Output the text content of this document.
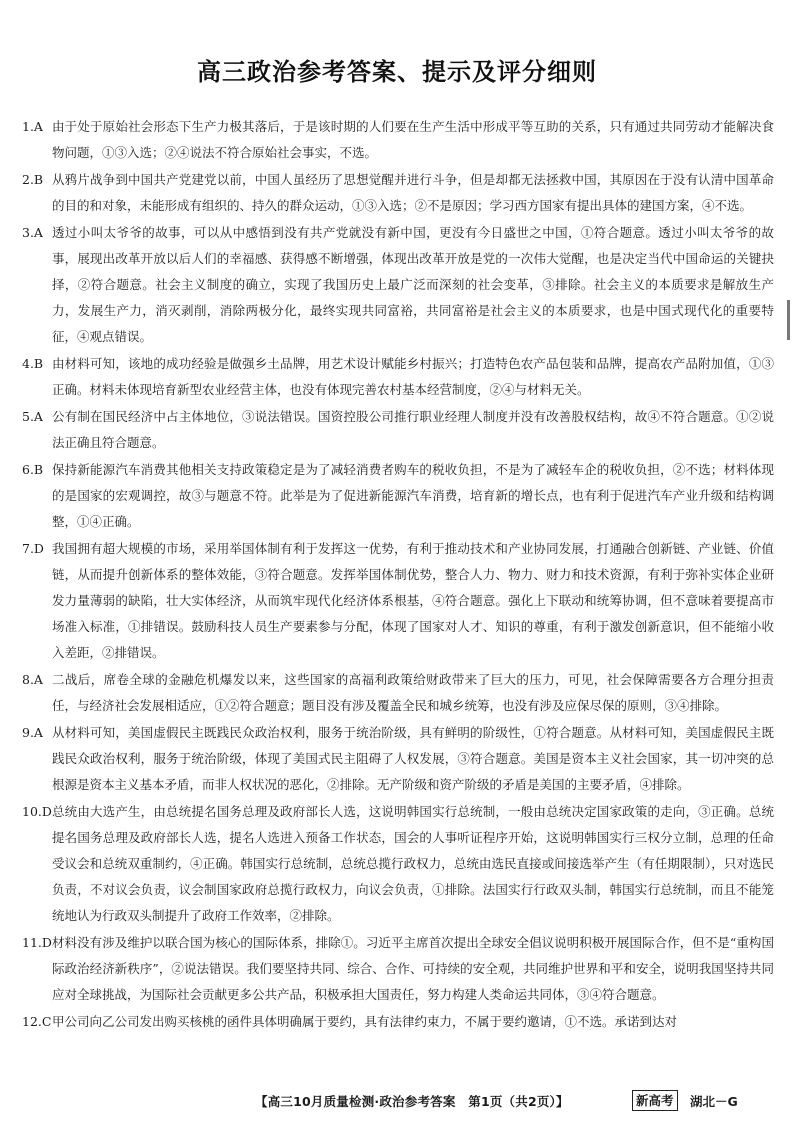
高三政治参考答案、提示及评分细则
1.A 由于处于原始社会形态下生产力极其落后，于是该时期的人们要在生产生活中形成平等互助的关系，只有通过共同劳动才能解决食物问题，①③入选；②④说法不符合原始社会事实，不选。
2.B 从鸦片战争到中国共产党建党以前，中国人虽经历了思想觉醒并进行斗争，但是却都无法拯救中国，其原因在于没有认清中国革命的目的和对象，未能形成有组织的、持久的群众运动，①③入选；②不是原因；学习西方国家有提出具体的建国方案，④不选。
3.A 透过小叫太爷爷的故事，可以从中感悟到没有共产党就没有新中国，更没有今日盛世之中国，①符合题意。透过小叫太爷爷的故事，展现出改革开放以后人们的幸福感、获得感不断增强，体现出改革开放是党的一次伟大觉醒，也是决定当代中国命运的关键抉择，②符合题意。社会主义制度的确立，实现了我国历史上最广泛而深刻的社会变革，③排除。社会主义的本质要求是解放生产力，发展生产力，消灭剥削，消除两极分化，最终实现共同富裕，共同富裕是社会主义的本质要求，也是中国式现代化的重要特征，④观点错误。
4.B 由材料可知，该地的成功经验是做强乡土品牌，用艺术设计赋能乡村振兴；打造特色农产品包装和品牌，提高农产品附加值，①③正确。材料未体现培育新型农业经营主体，也没有体现完善农村基本经营制度，②④与材料无关。
5.A 公有制在国民经济中占主体地位，③说法错误。国资控股公司推行职业经理人制度并没有改善股权结构，故④不符合题意。①②说法正确且符合题意。
6.B 保持新能源汽车消费其他相关支持政策稳定是为了减轻消费者购车的税收负担，不是为了减轻车企的税收负担，②不选；材料体现的是国家的宏观调控，故③与题意不符。此举是为了促进新能源汽车消费，培育新的增长点，也有利于促进汽车产业升级和结构调整，①④正确。
7.D 我国拥有超大规模的市场，采用举国体制有利于发挥这一优势，有利于推动技术和产业协同发展，打通融合创新链、产业链、价值链，从而提升创新体系的整体效能，③符合题意。发挥举国体制优势，整合人力、物力、财力和技术资源，有利于弥补实体企业研发力量薄弱的缺陷，壮大实体经济，从而筑牢现代化经济体系根基，④符合题意。强化上下联动和统筹协调，但不意味着要提高市场准入标准，①排错误。鼓励科技人员生产要素参与分配，体现了国家对人才、知识的尊重，有利于激发创新意识，但不能缩小收入差距，②排错误。
8.A 二战后，席卷全球的金融危机爆发以来，这些国家的高福利政策给财政带来了巨大的压力，可见，社会保障需要各方合理分担责任，与经济社会发展相适应，①②符合题意；题目没有涉及覆盖全民和城乡统筹，也没有涉及应保尽保的原则，③④排除。
9.A 从材料可知，美国虚假民主既践民众政治权利，服务于统治阶级，具有鲜明的阶级性，①符合题意。从材料可知，美国虚假民主既践民众政治权利，服务于统治阶级，体现了美国式民主阻碍了人权发展，③符合题意。美国是资本主义社会国家，其一切冲突的总根源是资本主义基本矛盾，而非人权状况的恶化，②排除。无产阶级和资产阶级的矛盾是美国的主要矛盾，④排除。
10.D 总统由大选产生，由总统提名国务总理及政府部长人选，这说明韩国实行总统制，一般由总统决定国家政策的走向，③正确。总统提名国务总理及政府部长人选，提名人选进入预备工作状态，国会的人事听证程序开始，这说明韩国实行三权分立制，总理的任命受议会和总统双重制约，④正确。韩国实行总统制，总统总揽行政权力，总统由选民直接或间接选举产生（有任期限制），只对选民负责，不对议会负责，议会制国家政府总揽行政权力，向议会负责，①排除。法国实行行政双头制，韩国实行总统制，而且不能笼统地认为行政双头制提升了政府工作效率，②排除。
11.D 材料没有涉及维护以联合国为核心的国际体系，排除①。习近平主席首次提出全球安全倡议说明积极开展国际合作，但不是“重构国际政治经济新秩序”，②说法错误。我们要坚持共同、综合、合作、可持续的安全观，共同维护世界和平和安全，说明我国坚持共同应对全球挑战，为国际社会贡献更多公共产品，积极承担大国责任，努力构建人类命运共同体，③④符合题意。
12.C 甲公司向乙公司发出购买核桃的函件具体明确属于要约，具有法律约束力，不属于要约邀请，①不选。承诺到达对
【高三10月质量检测·政治参考答案　第1页（共2页）】	新高考	湖北－G
